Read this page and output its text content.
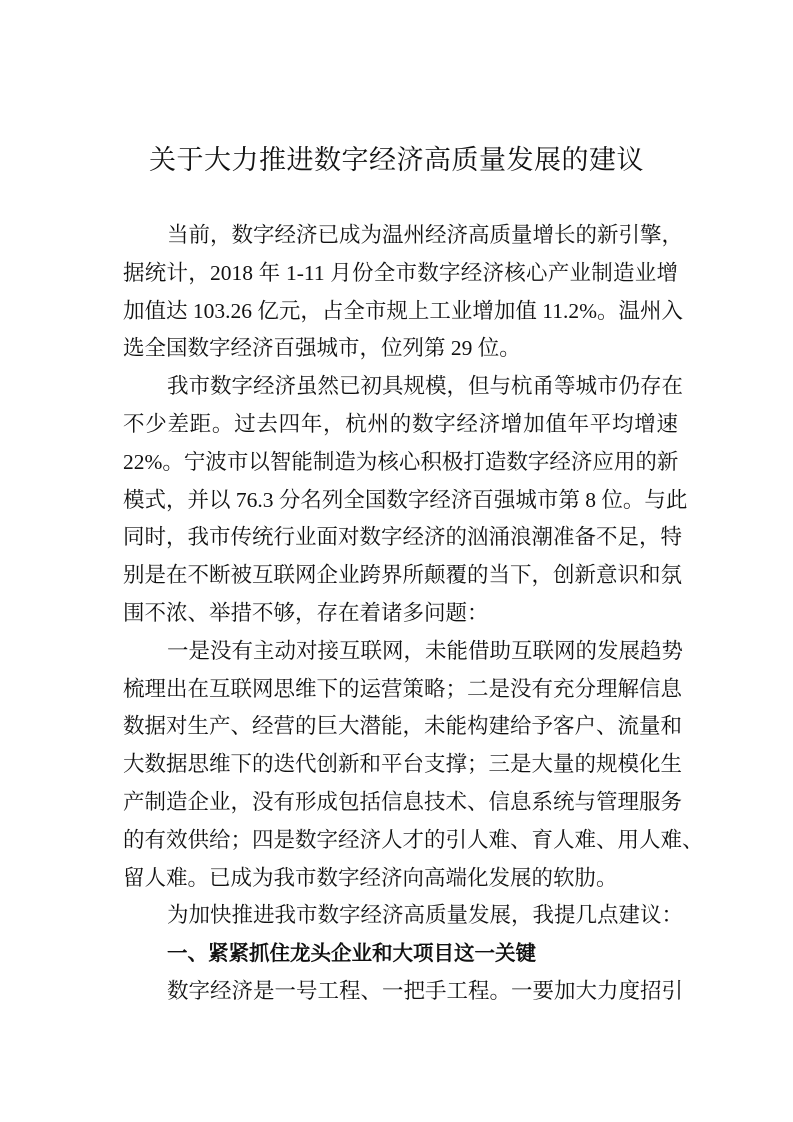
关于大力推进数字经济高质量发展的建议
当前，数字经济已成为温州经济高质量增长的新引擎，
据统计，2018 年 1-11 月份全市数字经济核心产业制造业增
加值达 103.26 亿元，占全市规上工业增加值 11.2%。温州入
选全国数字经济百强城市，位列第 29 位。
我市数字经济虽然已初具规模，但与杭甬等城市仍存在
不少差距。过去四年，杭州的数字经济增加值年平均增速
22%。宁波市以智能制造为核心积极打造数字经济应用的新
模式，并以 76.3 分名列全国数字经济百强城市第 8 位。与此
同时，我市传统行业面对数字经济的汹涌浪潮准备不足，特
别是在不断被互联网企业跨界所颠覆的当下，创新意识和氛
围不浓、举措不够，存在着诸多问题：
一是没有主动对接互联网，未能借助互联网的发展趋势
梳理出在互联网思维下的运营策略；二是没有充分理解信息
数据对生产、经营的巨大潜能，未能构建给予客户、流量和
大数据思维下的迭代创新和平台支撑；三是大量的规模化生
产制造企业，没有形成包括信息技术、信息系统与管理服务
的有效供给；四是数字经济人才的引人难、育人难、用人难、
留人难。已成为我市数字经济向高端化发展的软肋。
为加快推进我市数字经济高质量发展，我提几点建议：
一、紧紧抓住龙头企业和大项目这一关键
数字经济是一号工程、一把手工程。一要加大力度招引
